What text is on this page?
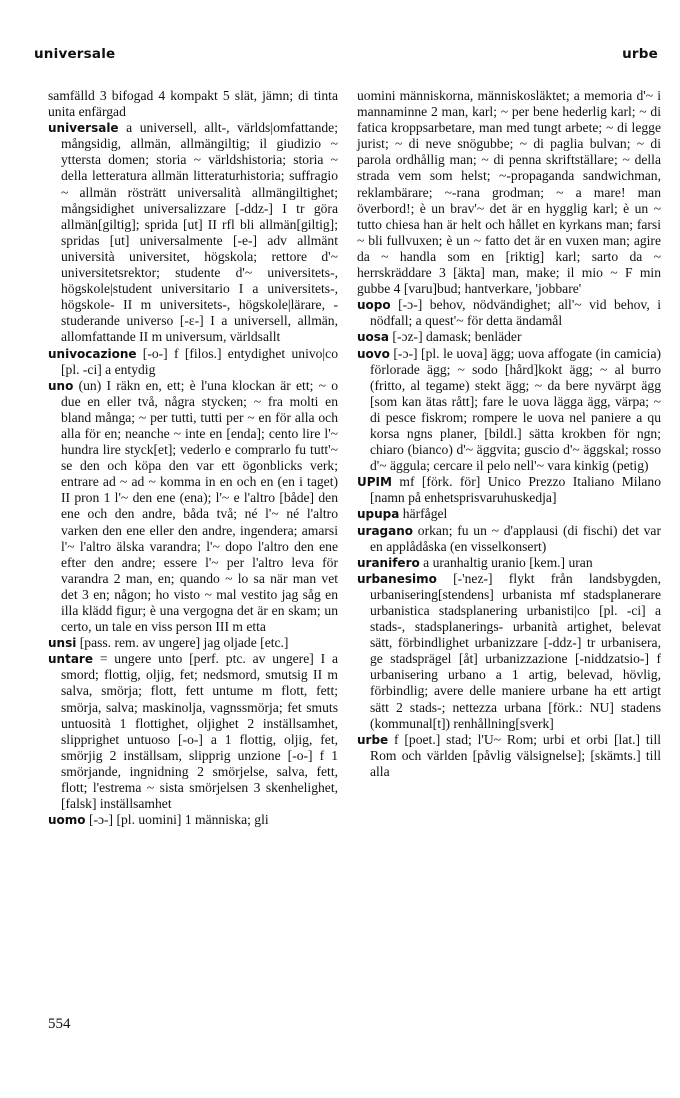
universale	urbe

samfälld 3 bifogad 4 kompakt 5 slät, jämn; di tinta unita enfärgad

universale a universell, allt-, världs|omfattande; mångsidig, allmän, allmängiltig; il giudizio ~ yttersta domen; storia ~ världshistoria; storia ~ della letteratura allmän litteraturhistoria; suffragio ~ allmän rösträtt universalità allmängiltighet; mångsidighet universalizzare [-ddz-] I tr göra allmän[giltig]; sprida [ut] II rfl bli allmän[giltig]; spridas [ut] universalmente [-e-] adv allmänt università universitet, högskola; rettore d'~ universitetsrektor; studente d'~ universitets-, högskole|student universitario I a universitets-, högskole- II m universitets-, högskole|lärare, -studerande universo [-ɛ-] I a universell, allmän, allomfattande II m universum, världsallt

univocazione [-o-] f [filos.] entydighet univo|co [pl. -ci] a entydig

uno (un) I räkn en, ett; è l'una klockan är ett; ~ o due en eller två, några stycken; ~ fra molti en bland många; ~ per tutti, tutti per ~ en för alla och alla för en; neanche ~ inte en [enda]; cento lire l'~ hundra lire styck[et]; vederlo e comprarlo fu tutt'~ se den och köpa den var ett ögonblicks verk; entrare ad ~ ad ~ komma in en och en (en i taget) II pron 1 l'~ den ene (ena); l'~ e l'altro [både] den ene och den andre, båda två; né l'~ né l'altro varken den ene eller den andre, ingendera; amarsi l'~ l'altro älska varandra; l'~ dopo l'altro den ene efter den andre; essere l'~ per l'altro leva för varandra 2 man, en; quando ~ lo sa när man vet det 3 en; någon; ho visto ~ mal vestito jag såg en illa klädd figur; è una vergogna det är en skam; un certo, un tale en viss person III m etta

unsi [pass. rem. av ungere] jag oljade [etc.]

untare = ungere unto [perf. ptc. av ungere] I a smord; flottig, oljig, fet; nedsmord, smutsig II m salva, smörja; flott, fett untume m flott, fett; smörja, salva; maskinolja, vagnssmörja; fet smuts untuosità 1 flottighet, oljighet 2 inställsamhet, slipprighet untuoso [-o-] a 1 flottig, oljig, fet, smörjig 2 inställsam, slipprig unzione [-o-] f 1 smörjande, ingnidning 2 smörjelse, salva, fett, flott; l'estrema ~ sista smörjelsen 3 skenhelighet, [falsk] inställsamhet

uomo [-ɔ-] [pl. uomini] 1 människa; gli

uomini människorna, människosläktet; a memoria d'~ i mannaminne 2 man, karl; ~ per bene hederlig karl; ~ di fatica kroppsarbetare, man med tungt arbete; ~ di legge jurist; ~ di neve snögubbe; ~ di paglia bulvan; ~ di parola ordhållig man; ~ di penna skriftställare; ~ della strada vem som helst; ~-propaganda sandwichman, reklambärare; ~-rana grodman; ~ a mare! man överbord!; è un brav'~ det är en hygglig karl; è un ~ tutto chiesa han är helt och hållet en kyrkans man; farsi ~ bli fullvuxen; è un ~ fatto det är en vuxen man; agire da ~ handla som en [riktig] karl; sarto da ~ herrskräddare 3 [äkta] man, make; il mio ~ F min gubbe 4 [varu]bud; hantverkare, 'jobbare'

uopo [-ɔ-] behov, nödvändighet; all'~ vid behov, i nödfall; a quest'~ för detta ändamål

uosa [-ɔz-] damask; benläder

uovo [-ɔ-] [pl. le uova] ägg; uova affogate (in camicia) förlorade ägg; ~ sodo [hård]kokt ägg; ~ al burro (fritto, al tegame) stekt ägg; ~ da bere nyvärpt ägg [som kan ätas rått]; fare le uova lägga ägg, värpa; ~ di pesce fiskrom; rompere le uova nel paniere a qu korsa ngns planer, [bildl.] sätta krokben för ngn; chiaro (bianco) d'~ äggvita; guscio d'~ äggskal; rosso d'~ äggula; cercare il pelo nell'~ vara kinkig (petig)

UPIM mf [förk. för] Unico Prezzo Italiano Milano [namn på enhetsprisvaruhuskedja]

upupa härfågel

uragano orkan; fu un ~ d'applausi (di fischi) det var en applådåska (en visselkonsert)

uranifero a uranhaltig uranio [kem.] uran

urbanesimo [-'nez-] flykt från landsbygden, urbanisering[stendens] urbanista mf stadsplanerare urbanistica stadsplanering urbanisti|co [pl. -ci] a stads-, stadsplanerings- urbanità artighet, belevat sätt, förbindlighet urbanizzare [-ddz-] tr urbanisera, ge stadsprägel [åt] urbanizzazione [-niddzatsio-] f urbanisering urbano a 1 artig, belevad, hövlig, förbindlig; avere delle maniere urbane ha ett artigt sätt 2 stads-; nettezza urbana [förk.: NU] stadens (kommunal[t]) renhållning[sverk]

urbe f [poet.] stad; l'U~ Rom; urbi et orbi [lat.] till Rom och världen [påvlig välsignelse]; [skämts.] till alla

554
